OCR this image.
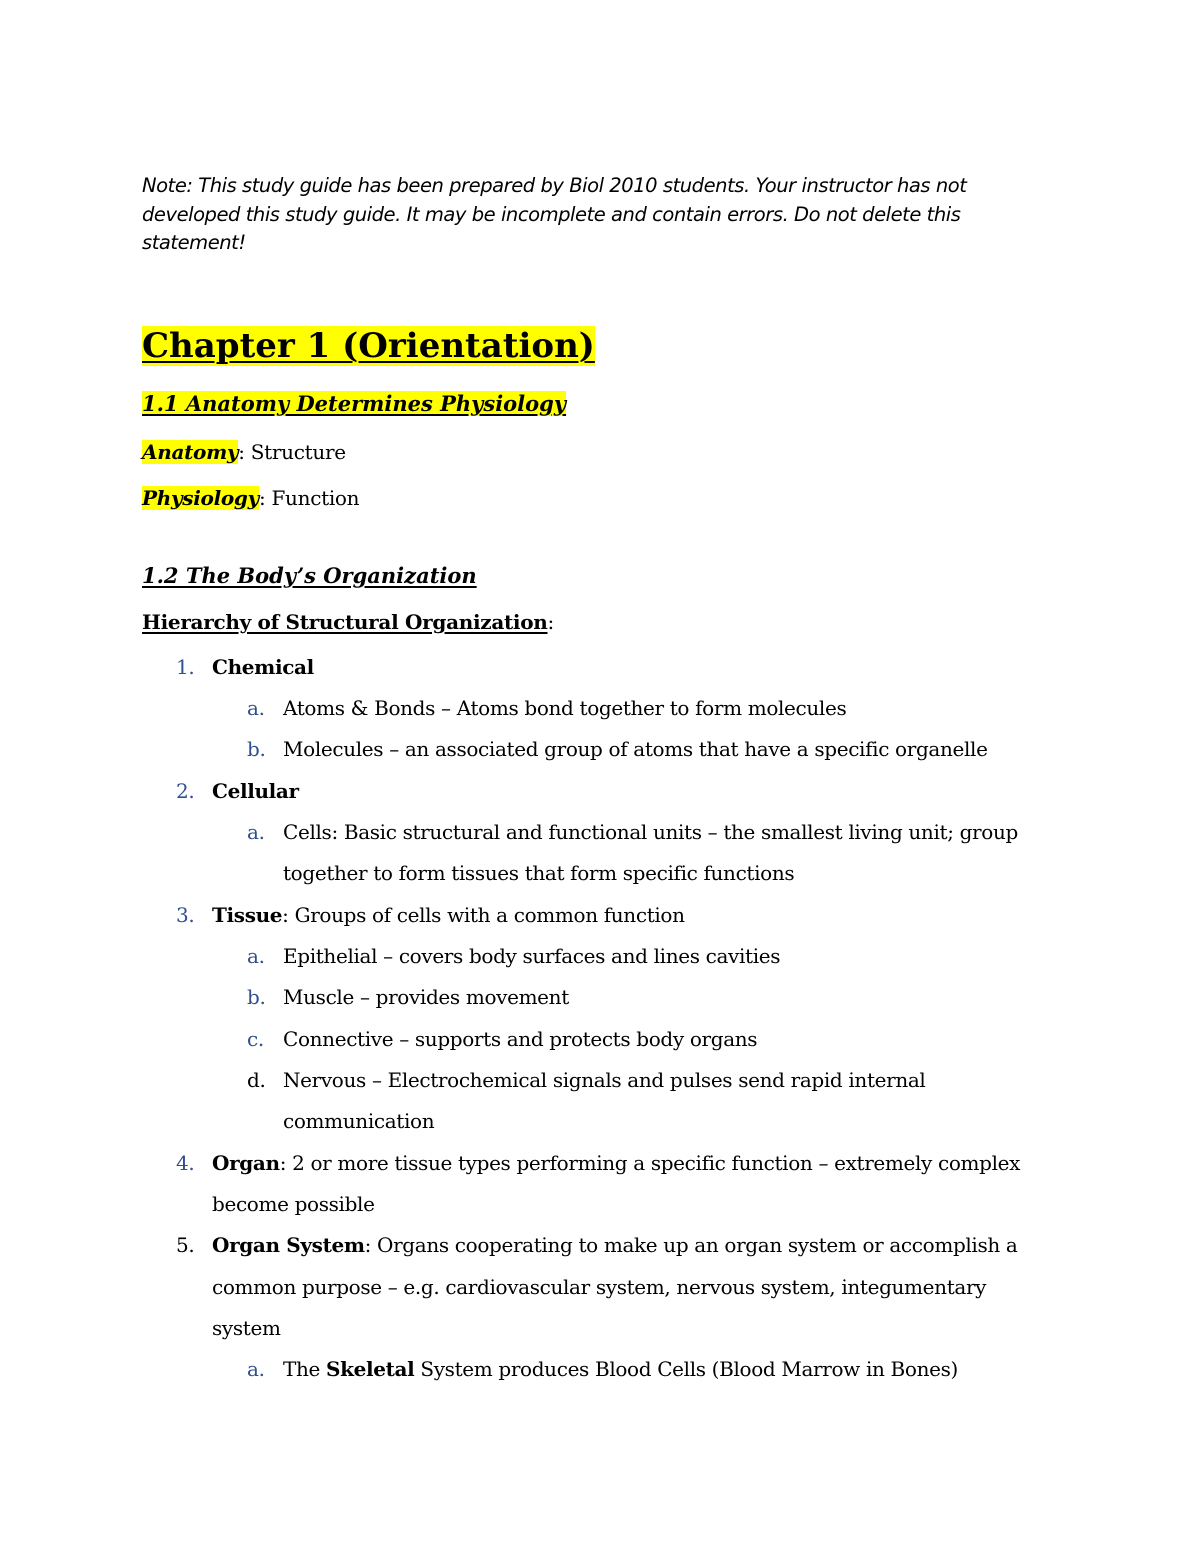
Note: This study guide has been prepared by Biol 2010 students. Your instructor has not developed this study guide. It may be incomplete and contain errors. Do not delete this statement!
Chapter 1 (Orientation)
1.1 Anatomy Determines Physiology
Anatomy: Structure
Physiology: Function
1.2 The Body’s Organization
Hierarchy of Structural Organization:
1. Chemical
a. Atoms & Bonds – Atoms bond together to form molecules
b. Molecules – an associated group of atoms that have a specific organelle
2. Cellular
a. Cells: Basic structural and functional units – the smallest living unit; group
together to form tissues that form specific functions
3. Tissue: Groups of cells with a common function
a. Epithelial – covers body surfaces and lines cavities
b. Muscle – provides movement
c. Connective – supports and protects body organs
d. Nervous – Electrochemical signals and pulses send rapid internal
communication
4. Organ: 2 or more tissue types performing a specific function – extremely complex
become possible
5. Organ System: Organs cooperating to make up an organ system or accomplish a
common purpose – e.g. cardiovascular system, nervous system, integumentary
system
a. The Skeletal System produces Blood Cells (Blood Marrow in Bones)
